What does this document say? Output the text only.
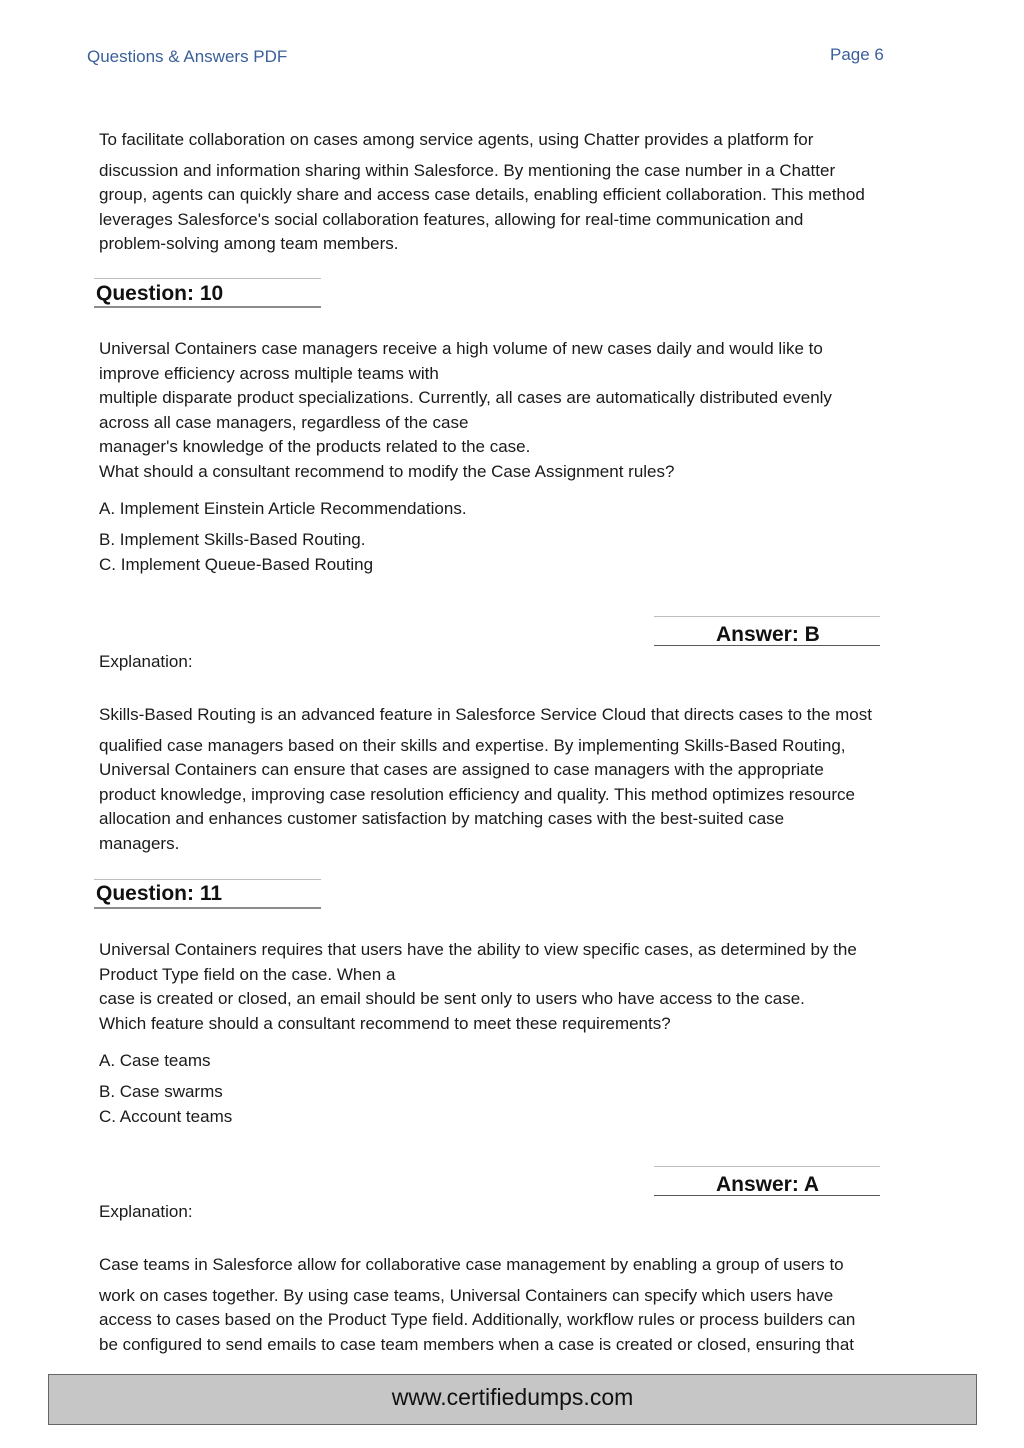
Questions & Answers PDF	Page 6

To facilitate collaboration on cases among service agents, using Chatter provides a platform for
discussion and information sharing within Salesforce. By mentioning the case number in a Chatter
group, agents can quickly share and access case details, enabling efficient collaboration. This method
leverages Salesforce's social collaboration features, allowing for real-time communication and
problem-solving among team members.

Question: 10

Universal Containers case managers receive a high volume of new cases daily and would like to
improve efficiency across multiple teams with
multiple disparate product specializations. Currently, all cases are automatically distributed evenly
across all case managers, regardless of the case
manager's knowledge of the products related to the case.
What should a consultant recommend to modify the Case Assignment rules?

A. Implement Einstein Article Recommendations.
B. Implement Skills-Based Routing.
C. Implement Queue-Based Routing
Answer: B
Explanation:

Skills-Based Routing is an advanced feature in Salesforce Service Cloud that directs cases to the most
qualified case managers based on their skills and expertise. By implementing Skills-Based Routing,
Universal Containers can ensure that cases are assigned to case managers with the appropriate
product knowledge, improving case resolution efficiency and quality. This method optimizes resource
allocation and enhances customer satisfaction by matching cases with the best-suited case
managers.

Question: 11

Universal Containers requires that users have the ability to view specific cases, as determined by the
Product Type field on the case. When a
case is created or closed, an email should be sent only to users who have access to the case.
Which feature should a consultant recommend to meet these requirements?

A. Case teams
B. Case swarms
C. Account teams
Answer: A
Explanation:

Case teams in Salesforce allow for collaborative case management by enabling a group of users to
work on cases together. By using case teams, Universal Containers can specify which users have
access to cases based on the Product Type field. Additionally, workflow rules or process builders can
be configured to send emails to case team members when a case is created or closed, ensuring that

www.certifiedumps.com
